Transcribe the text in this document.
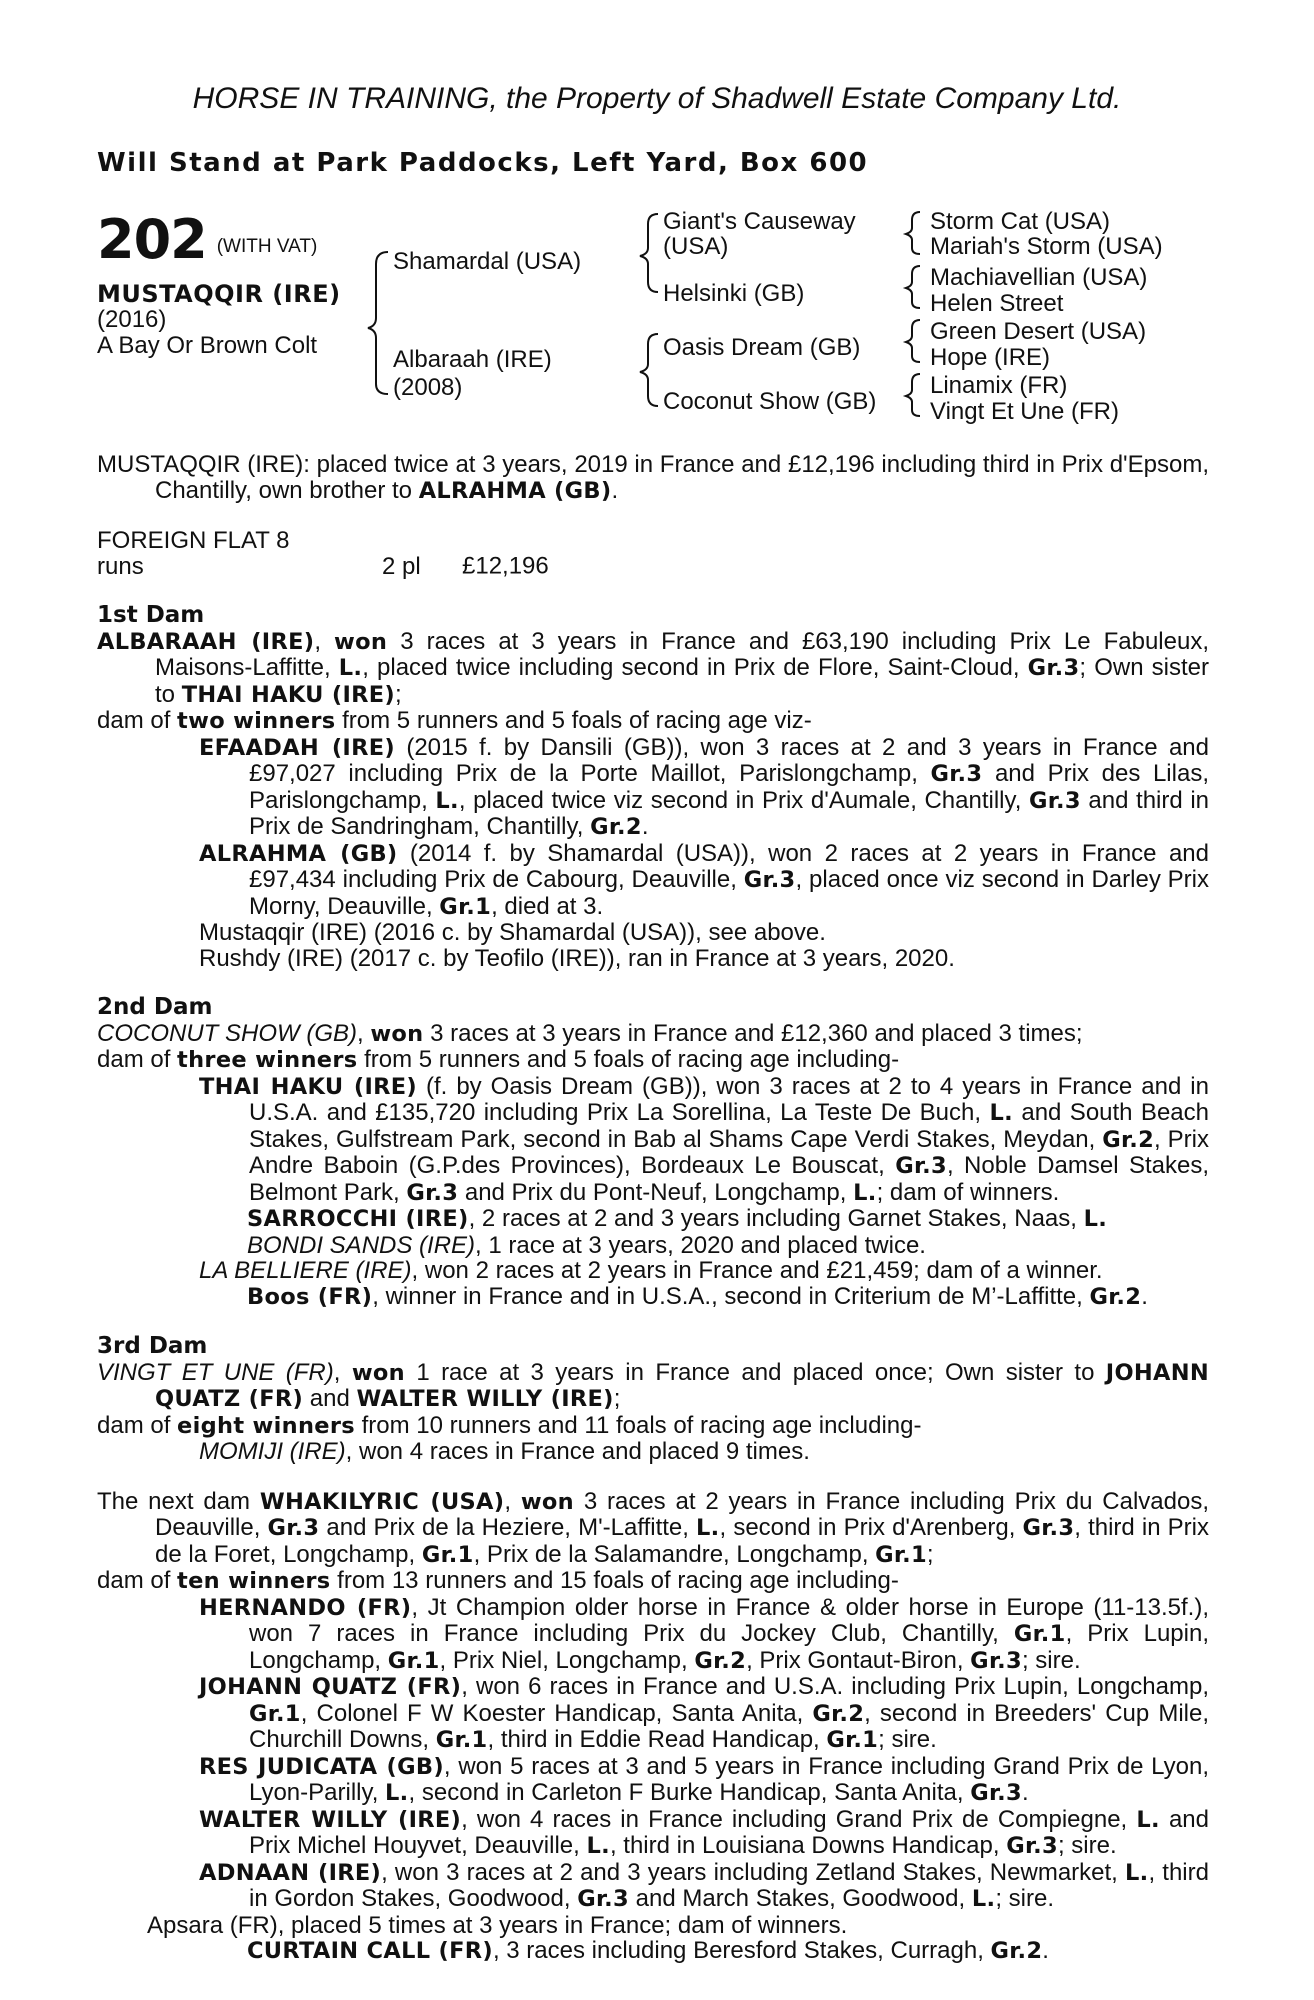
HORSE IN TRAINING, the Property of Shadwell Estate Company Ltd.
Will Stand at Park Paddocks, Left Yard, Box 600
202 (WITH VAT)
MUSTAQQIR (IRE)
(2016)
A Bay Or Brown Colt
Shamardal (USA)
Albaraah (IRE)
(2008)
Giant's Causeway
(USA)
Helsinki (GB)
Oasis Dream (GB)
Coconut Show (GB)
Storm Cat (USA)
Mariah's Storm (USA)
Machiavellian (USA)
Helen Street
Green Desert (USA)
Hope (IRE)
Linamix (FR)
Vingt Et Une (FR)

MUSTAQQIR (IRE): placed twice at 3 years, 2019 in France and £12,196 including third in Prix d'Epsom, Chantilly, own brother to ALRAHMA (GB).

FOREIGN FLAT 8 runs	2 pl £12,196

1st Dam

ALBARAAH (IRE), won 3 races at 3 years in France and £63,190 including Prix Le Fabuleux, Maisons-Laffitte, L., placed twice including second in Prix de Flore, Saint-Cloud, Gr.3; Own sister to THAI HAKU (IRE);

dam of two winners from 5 runners and 5 foals of racing age viz-

EFAADAH (IRE) (2015 f. by Dansili (GB)), won 3 races at 2 and 3 years in France and £97,027 including Prix de la Porte Maillot, Parislongchamp, Gr.3 and Prix des Lilas, Parislongchamp, L., placed twice viz second in Prix d'Aumale, Chantilly, Gr.3 and third in Prix de Sandringham, Chantilly, Gr.2.

ALRAHMA (GB) (2014 f. by Shamardal (USA)), won 2 races at 2 years in France and £97,434 including Prix de Cabourg, Deauville, Gr.3, placed once viz second in Darley Prix Morny, Deauville, Gr.1, died at 3.

Mustaqqir (IRE) (2016 c. by Shamardal (USA)), see above.

Rushdy (IRE) (2017 c. by Teofilo (IRE)), ran in France at 3 years, 2020.

2nd Dam

COCONUT SHOW (GB), won 3 races at 3 years in France and £12,360 and placed 3 times;

dam of three winners from 5 runners and 5 foals of racing age including-

THAI HAKU (IRE) (f. by Oasis Dream (GB)), won 3 races at 2 to 4 years in France and in U.S.A. and £135,720 including Prix La Sorellina, La Teste De Buch, L. and South Beach Stakes, Gulfstream Park, second in Bab al Shams Cape Verdi Stakes, Meydan, Gr.2, Prix Andre Baboin (G.P.des Provinces), Bordeaux Le Bouscat, Gr.3, Noble Damsel Stakes, Belmont Park, Gr.3 and Prix du Pont-Neuf, Longchamp, L.; dam of winners.

SARROCCHI (IRE), 2 races at 2 and 3 years including Garnet Stakes, Naas, L.

BONDI SANDS (IRE), 1 race at 3 years, 2020 and placed twice.

LA BELLIERE (IRE), won 2 races at 2 years in France and £21,459; dam of a winner.

Boos (FR), winner in France and in U.S.A., second in Criterium de M’-Laffitte, Gr.2.

3rd Dam

VINGT ET UNE (FR), won 1 race at 3 years in France and placed once; Own sister to JOHANN QUATZ (FR) and WALTER WILLY (IRE);

dam of eight winners from 10 runners and 11 foals of racing age including-

MOMIJI (IRE), won 4 races in France and placed 9 times.

The next dam WHAKILYRIC (USA), won 3 races at 2 years in France including Prix du Calvados, Deauville, Gr.3 and Prix de la Heziere, M'-Laffitte, L., second in Prix d'Arenberg, Gr.3, third in Prix de la Foret, Longchamp, Gr.1, Prix de la Salamandre, Longchamp, Gr.1;

dam of ten winners from 13 runners and 15 foals of racing age including-

HERNANDO (FR), Jt Champion older horse in France & older horse in Europe (11-13.5f.), won 7 races in France including Prix du Jockey Club, Chantilly, Gr.1, Prix Lupin, Longchamp, Gr.1, Prix Niel, Longchamp, Gr.2, Prix Gontaut-Biron, Gr.3; sire.

JOHANN QUATZ (FR), won 6 races in France and U.S.A. including Prix Lupin, Longchamp, Gr.1, Colonel F W Koester Handicap, Santa Anita, Gr.2, second in Breeders' Cup Mile, Churchill Downs, Gr.1, third in Eddie Read Handicap, Gr.1; sire.

RES JUDICATA (GB), won 5 races at 3 and 5 years in France including Grand Prix de Lyon, Lyon-Parilly, L., second in Carleton F Burke Handicap, Santa Anita, Gr.3.

WALTER WILLY (IRE), won 4 races in France including Grand Prix de Compiegne, L. and Prix Michel Houyvet, Deauville, L., third in Louisiana Downs Handicap, Gr.3; sire.

ADNAAN (IRE), won 3 races at 2 and 3 years including Zetland Stakes, Newmarket, L., third in Gordon Stakes, Goodwood, Gr.3 and March Stakes, Goodwood, L.; sire.

Apsara (FR), placed 5 times at 3 years in France; dam of winners.

CURTAIN CALL (FR), 3 races including Beresford Stakes, Curragh, Gr.2.
